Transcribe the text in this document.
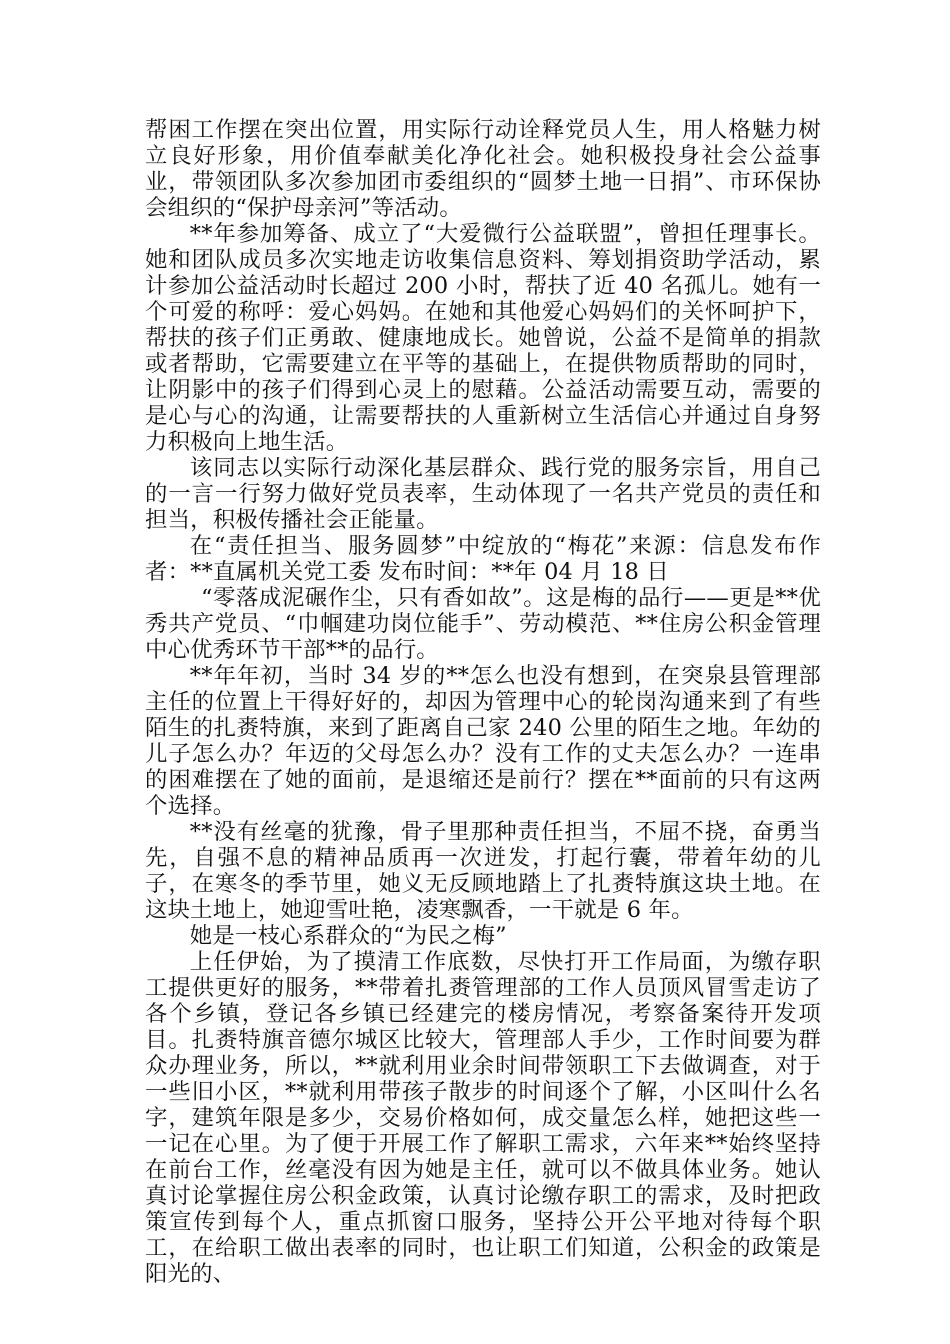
帮困工作摆在突出位置，用实际行动诠释党员人生，用人格魅力树立良好形象，用价值奉献美化净化社会。她积极投身社会公益事业，带领团队多次参加团市委组织的“圆梦土地一日捐”、市环保协会组织的“保护母亲河”等活动。

**年参加筹备、成立了“大爱微行公益联盟”，曾担任理事长。她和团队成员多次实地走访收集信息资料、筹划捐资助学活动，累计参加公益活动时长超过 200 小时，帮扶了近 40 名孤儿。她有一个可爱的称呼：爱心妈妈。在她和其他爱心妈妈们的关怀呵护下，帮扶的孩子们正勇敢、健康地成长。她曾说，公益不是简单的捐款或者帮助，它需要建立在平等的基础上，在提供物质帮助的同时，让阴影中的孩子们得到心灵上的慰藉。公益活动需要互动，需要的是心与心的沟通，让需要帮扶的人重新树立生活信心并通过自身努力积极向上地生活。

该同志以实际行动深化基层群众、践行党的服务宗旨，用自己的一言一行努力做好党员表率，生动体现了一名共产党员的责任和担当，积极传播社会正能量。

在“责任担当、服务圆梦”中绽放的“梅花”来源：信息发布作者：**直属机关党工委 发布时间：**年 04 月 18 日

“零落成泥碾作尘，只有香如故”。这是梅的品行——更是**优秀共产党员、“巾帼建功岗位能手”、劳动模范、**住房公积金管理中心优秀环节干部**的品行。

**年年初，当时 34 岁的**怎么也没有想到，在突泉县管理部主任的位置上干得好好的，却因为管理中心的轮岗沟通来到了有些陌生的扎赉特旗，来到了距离自己家 240 公里的陌生之地。年幼的儿子怎么办？年迈的父母怎么办？没有工作的丈夫怎么办？一连串的困难摆在了她的面前，是退缩还是前行？摆在**面前的只有这两个选择。

**没有丝毫的犹豫，骨子里那种责任担当，不屈不挠，奋勇当先，自强不息的精神品质再一次迸发，打起行囊，带着年幼的儿子，在寒冬的季节里，她义无反顾地踏上了扎赉特旗这块土地。在这块土地上，她迎雪吐艳，凌寒飘香，一干就是 6 年。

她是一枝心系群众的“为民之梅”

上任伊始，为了摸清工作底数，尽快打开工作局面，为缴存职工提供更好的服务，**带着扎赉管理部的工作人员顶风冒雪走访了各个乡镇，登记各乡镇已经建完的楼房情况，考察备案待开发项目。扎赉特旗音德尔城区比较大，管理部人手少，工作时间要为群众办理业务，所以，**就利用业余时间带领职工下去做调查，对于一些旧小区，**就利用带孩子散步的时间逐个了解，小区叫什么名字，建筑年限是多少，交易价格如何，成交量怎么样，她把这些一一记在心里。为了便于开展工作了解职工需求，六年来**始终坚持在前台工作，丝毫没有因为她是主任，就可以不做具体业务。她认真讨论掌握住房公积金政策，认真讨论缴存职工的需求，及时把政策宣传到每个人，重点抓窗口服务，坚持公开公平地对待每个职工，在给职工做出表率的同时，也让职工们知道，公积金的政策是阳光的、
